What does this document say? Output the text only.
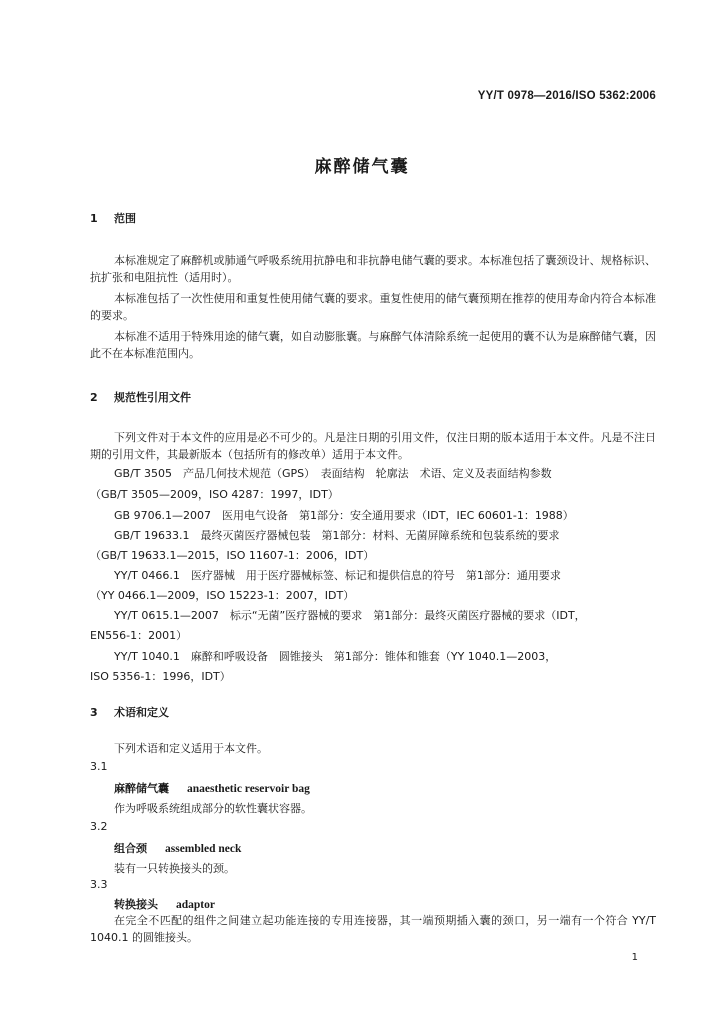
YY/T 0978—2016/ISO 5362:2006
麻醉储气囊
1 范围
本标准规定了麻醉机或肺通气呼吸系统用抗静电和非抗静电储气囊的要求。本标准包括了囊颈设计、规格标识、抗扩张和电阻抗性（适用时）。
本标准包括了一次性使用和重复性使用储气囊的要求。重复性使用的储气囊预期在推荐的使用寿命内符合本标准的要求。
本标准不适用于特殊用途的储气囊，如自动膨胀囊。与麻醉气体清除系统一起使用的囊不认为是麻醉储气囊，因此不在本标准范围内。
2 规范性引用文件
下列文件对于本文件的应用是必不可少的。凡是注日期的引用文件，仅注日期的版本适用于本文件。凡是不注日期的引用文件，其最新版本（包括所有的修改单）适用于本文件。
GB/T 3505　产品几何技术规范（GPS）　表面结构　轮廓法　术语、定义及表面结构参数
（GB/T 3505—2009，ISO 4287：1997，IDT）
GB 9706.1—2007　医用电气设备　第1部分：安全通用要求（IDT，IEC 60601-1：1988）
GB/T 19633.1　最终灭菌医疗器械包装　第1部分：材料、无菌屏障系统和包装系统的要求
（GB/T 19633.1—2015，ISO 11607-1：2006，IDT）
YY/T 0466.1　医疗器械　用于医疗器械标签、标记和提供信息的符号　第1部分：通用要求
（YY 0466.1—2009，ISO 15223-1：2007，IDT）
YY/T 0615.1—2007　标示“无菌”医疗器械的要求　第1部分：最终灭菌医疗器械的要求（IDT，
EN556-1：2001）
YY/T 1040.1　麻醉和呼吸设备　圆锥接头　第1部分：锥体和锥套（YY 1040.1—2003，
ISO 5356-1：1996，IDT）
3 术语和定义
下列术语和定义适用于本文件。
3.1
麻醉储气囊 anaesthetic reservoir bag
作为呼吸系统组成部分的软性囊状容器。
3.2
组合颈 assembled neck
装有一只转换接头的颈。
3.3
转换接头 adaptor
在完全不匹配的组件之间建立起功能连接的专用连接器，其一端预期插入囊的颈口，另一端有一个符合 YY/T 1040.1 的圆锥接头。
1
